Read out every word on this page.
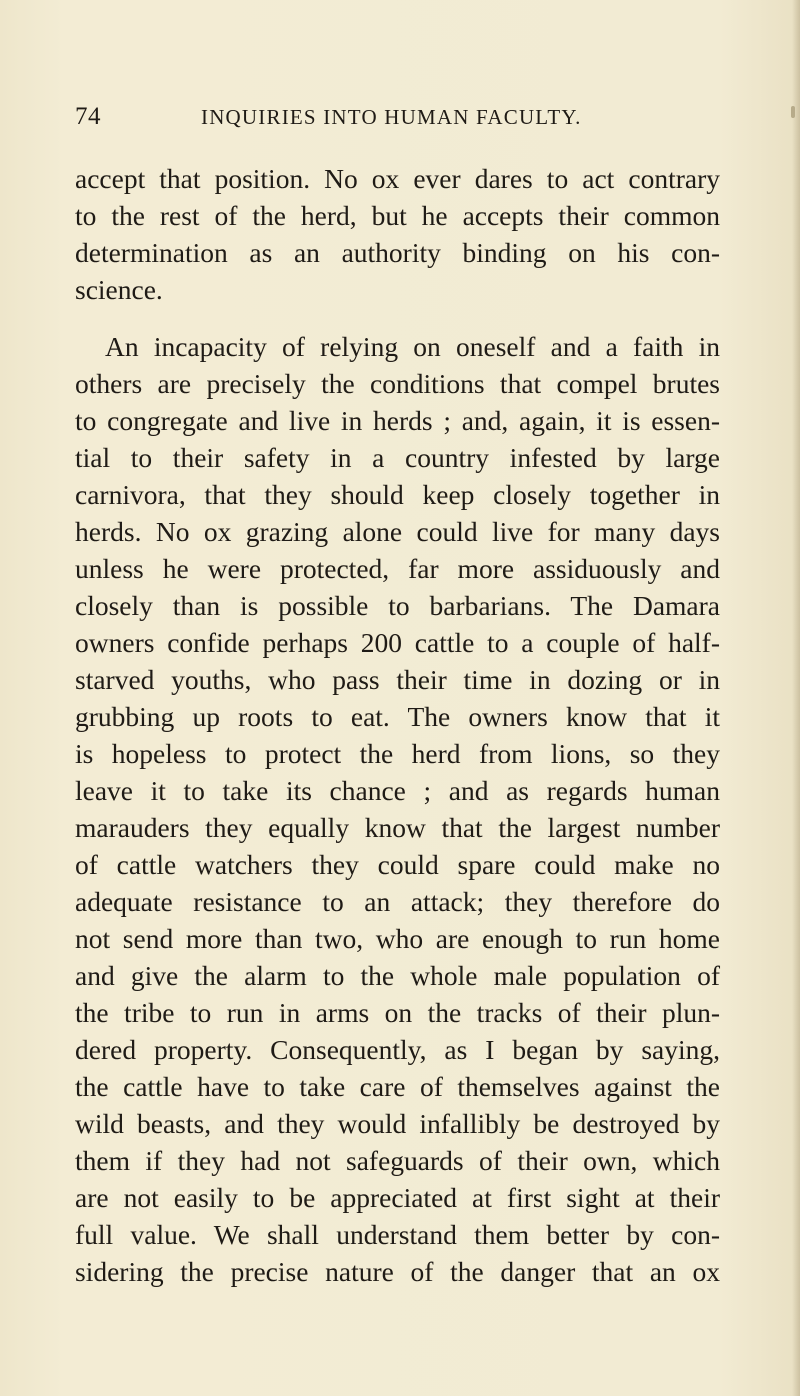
74	INQUIRIES INTO HUMAN FACULTY.
accept that position. No ox ever dares to act contrary
to the rest of the herd, but he accepts their common
determination as an authority binding on his con-
science.
An incapacity of relying on oneself and a faith in
others are precisely the conditions that compel brutes
to congregate and live in herds ; and, again, it is essen-
tial to their safety in a country infested by large
carnivora, that they should keep closely together in
herds. No ox grazing alone could live for many days
unless he were protected, far more assiduously and
closely than is possible to barbarians. The Damara
owners confide perhaps 200 cattle to a couple of half-
starved youths, who pass their time in dozing or in
grubbing up roots to eat. The owners know that it
is hopeless to protect the herd from lions, so they
leave it to take its chance ; and as regards human
marauders they equally know that the largest number
of cattle watchers they could spare could make no
adequate resistance to an attack; they therefore do
not send more than two, who are enough to run home
and give the alarm to the whole male population of
the tribe to run in arms on the tracks of their plun-
dered property. Consequently, as I began by saying,
the cattle have to take care of themselves against the
wild beasts, and they would infallibly be destroyed by
them if they had not safeguards of their own, which
are not easily to be appreciated at first sight at their
full value. We shall understand them better by con-
sidering the precise nature of the danger that an ox
